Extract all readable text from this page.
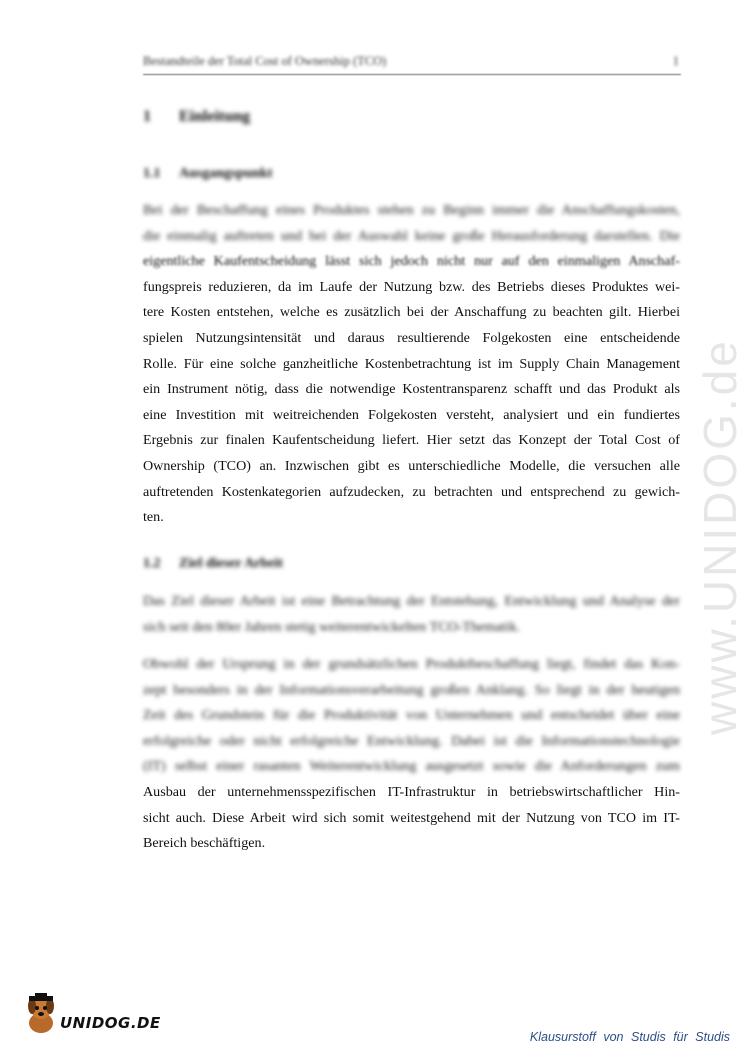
Bestandteile der Total Cost of Ownership (TCO)	1
1 Einleitung
1.1 Ausgangspunkt
Bei der Beschaffung eines Produktes stehen zu Beginn immer die Anschaffungskosten,
die einmalig auftreten und bei der Auswahl keine große Herausforderung darstellen. Die
eigentliche Kaufentscheidung lässt sich jedoch nicht nur auf den einmaligen Anschaf-
fungspreis reduzieren, da im Laufe der Nutzung bzw. des Betriebs dieses Produktes wei-
tere Kosten entstehen, welche es zusätzlich bei der Anschaffung zu beachten gilt. Hierbei
spielen Nutzungsintensität und daraus resultierende Folgekosten eine entscheidende
Rolle. Für eine solche ganzheitliche Kostenbetrachtung ist im Supply Chain Management
ein Instrument nötig, dass die notwendige Kostentransparenz schafft und das Produkt als
eine Investition mit weitreichenden Folgekosten versteht, analysiert und ein fundiertes
Ergebnis zur finalen Kaufentscheidung liefert. Hier setzt das Konzept der Total Cost of
Ownership (TCO) an. Inzwischen gibt es unterschiedliche Modelle, die versuchen alle
auftretenden Kostenkategorien aufzudecken, zu betrachten und entsprechend zu gewich-
ten.
1.2 Ziel dieser Arbeit
Das Ziel dieser Arbeit ist eine Betrachtung der Entstehung, Entwicklung und Analyse der
sich seit den 80er Jahren stetig weiterentwickelten TCO-Thematik.
Obwohl der Ursprung in der grundsätzlichen Produktbeschaffung liegt, findet das Kon-
zept besonders in der Informationsverarbeitung großen Anklang. So liegt in der heutigen
Zeit des Grundstein für die Produktivität von Unternehmen und entscheidet über eine
erfolgreiche oder nicht erfolgreiche Entwicklung. Dabei ist die Informationstechnologie
(IT) selbst einer rasanten Weiterentwicklung ausgesetzt sowie die Anforderungen zum
Ausbau der unternehmensspezifischen IT-Infrastruktur in betriebswirtschaftlicher Hin-
sicht auch. Diese Arbeit wird sich somit weitestgehend mit der Nutzung von TCO im IT-
Bereich beschäftigen.
www.UNIDOG.de
UNIDOG.DE
Klausurstoff von Studis für Studis
